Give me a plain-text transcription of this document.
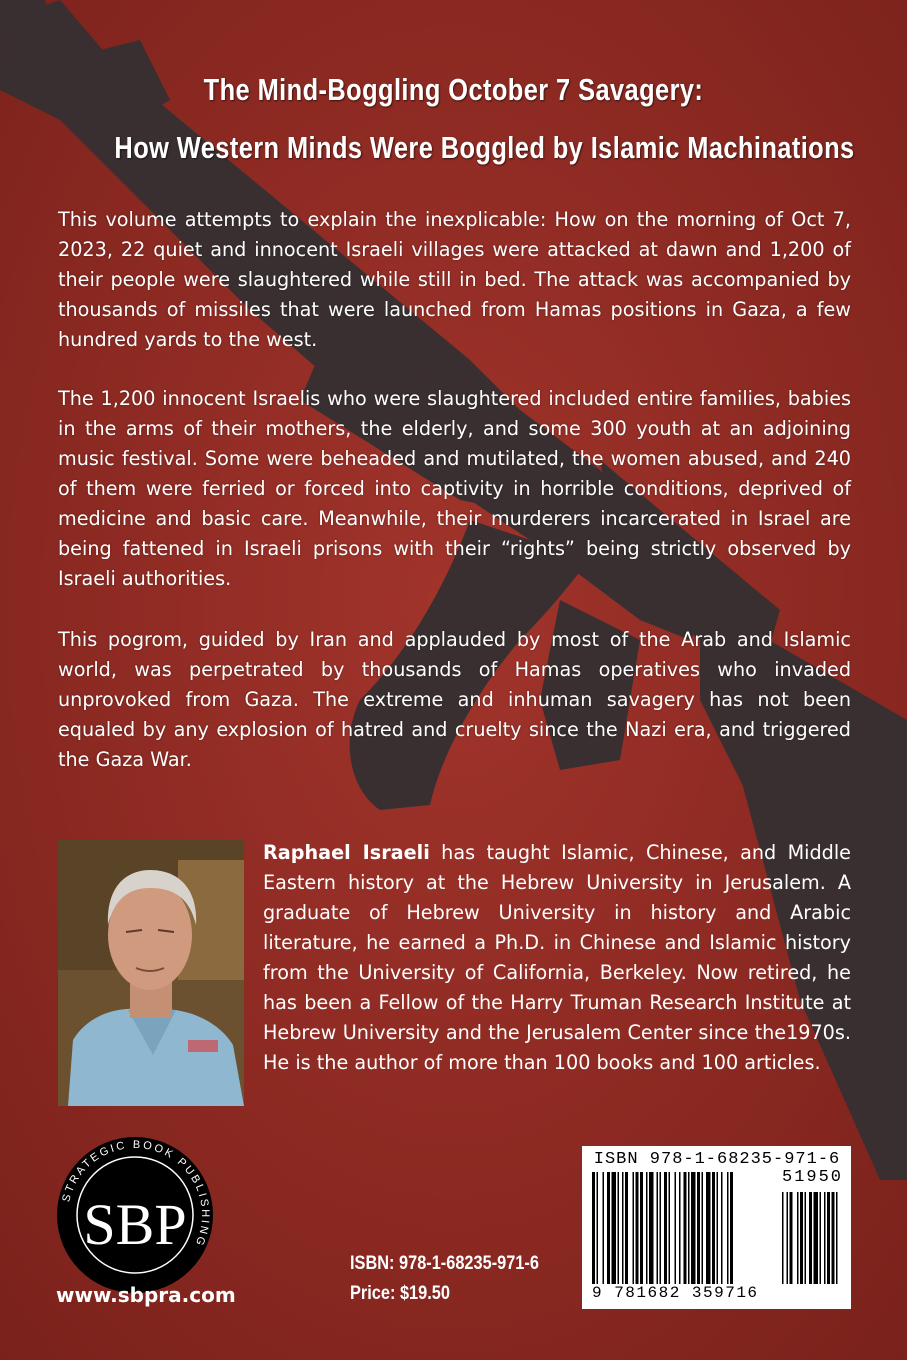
The Mind-Boggling October 7 Savagery:
How Western Minds Were Boggled by Islamic Machinations

This volume attempts to explain the inexplicable: How on the morning of Oct 7, 2023, 22 quiet and innocent Israeli villages were attacked at dawn and 1,200 of their people were slaughtered while still in bed. The attack was accompanied by thousands of missiles that were launched from Hamas positions in Gaza, a few hundred yards to the west.

The 1,200 innocent Israelis who were slaughtered included entire families, babies in the arms of their mothers, the elderly, and some 300 youth at an adjoining music festival. Some were beheaded and mutilated, the women abused, and 240 of them were ferried or forced into captivity in horrible conditions, deprived of medicine and basic care. Meanwhile, their murderers incarcerated in Israel are being fattened in Israeli prisons with their “rights” being strictly observed by Israeli authorities.

This pogrom, guided by Iran and applauded by most of the Arab and Islamic world, was perpetrated by thousands of Hamas operatives who invaded unprovoked from Gaza. The extreme and inhuman savagery has not been equaled by any explosion of hatred and cruelty since the Nazi era, and triggered the Gaza War.

Raphael Israeli has taught Islamic, Chinese, and Middle Eastern history at the Hebrew University in Jerusalem. A graduate of Hebrew University in history and Arabic literature, he earned a Ph.D. in Chinese and Islamic history from the University of California, Berkeley. Now retired, he has been a Fellow of the Harry Truman Research Institute at Hebrew University and the Jerusalem Center since the1970s. He is the author of more than 100 books and 100 articles.

STRATEGIC BOOK PUBLISHING
SBP
www.sbpra.com
ISBN: 978-1-68235-971-6
Price: $19.50
ISBN 978-1-68235-971-6
51950
9 781682 359716
